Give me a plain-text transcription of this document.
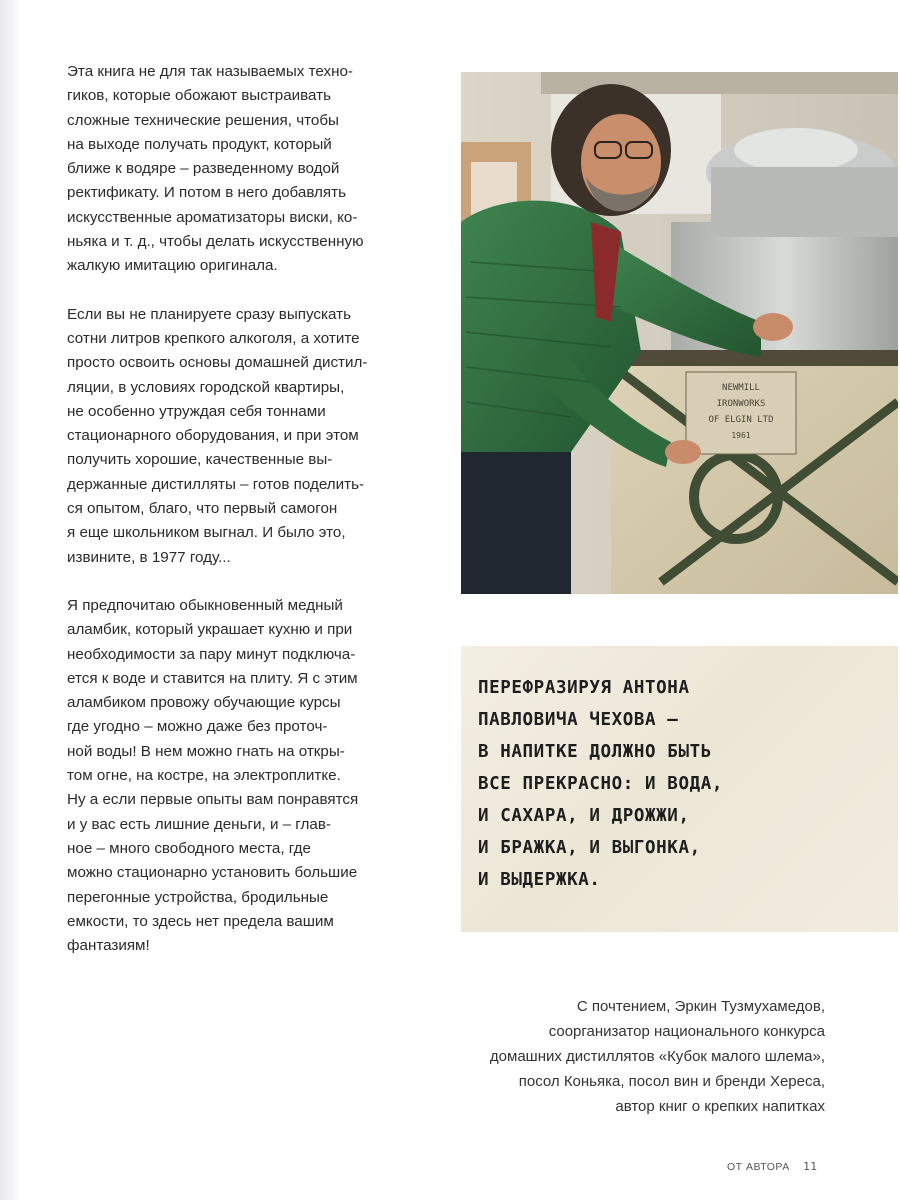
Эта книга не для так называемых техно-
гиков, которые обожают выстраивать
сложные технические решения, чтобы
на выходе получать продукт, который
ближе к водяре – разведенному водой
ректификату. И потом в него добавлять
искусственные ароматизаторы виски, ко-
ньяка и т. д., чтобы делать искусственную
жалкую имитацию оригинала.

Если вы не планируете сразу выпускать
сотни литров крепкого алкоголя, а хотите
просто освоить основы домашней дистил-
ляции, в условиях городской квартиры,
не особенно утруждая себя тоннами
стационарного оборудования, и при этом
получить хорошие, качественные вы-
держанные дистилляты – готов поделить-
ся опытом, благо, что первый самогон
я еще школьником выгнал. И было это,
извините, в 1977 году...

Я предпочитаю обыкновенный медный
аламбик, который украшает кухню и при
необходимости за пару минут подключа-
ется к воде и ставится на плиту. Я с этим
аламбиком провожу обучающие курсы
где угодно – можно даже без проточ-
ной воды! В нем можно гнать на откры-
том огне, на костре, на электроплитке.
Ну а если первые опыты вам понравятся
и у вас есть лишние деньги, и – глав-
ное – много свободного места, где
можно стационарно установить большие
перегонные устройства, бродильные
емкости, то здесь нет предела вашим
фантазиям!

NEWMILL
IRONWORKS
OF ELGIN LTD
1961
ПЕРЕФРАЗИРУЯ АНТОНА
ПАВЛОВИЧА ЧЕХОВА –
В НАПИТКЕ ДОЛЖНО БЫТЬ
ВСЕ ПРЕКРАСНО: И ВОДА,
И САХАРА, И ДРОЖЖИ,
И БРАЖКА, И ВЫГОНКА,
И ВЫДЕРЖКА.
С почтением, Эркин Тузмухамедов,
соорганизатор национального конкурса
домашних дистиллятов «Кубок малого шлема»,
посол Коньяка, посол вин и бренди Хереса,
автор книг о крепких напитках
ОТ АВТОРА 11
